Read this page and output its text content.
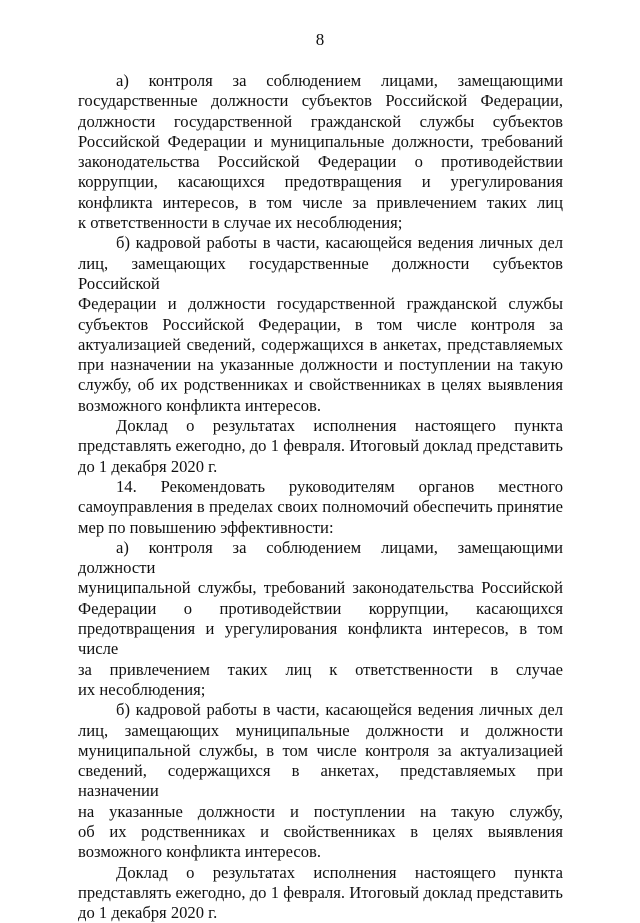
8
а) контроля за соблюдением лицами, замещающими
государственные должности субъектов Российской Федерации,
должности государственной гражданской службы субъектов
Российской Федерации и муниципальные должности, требований
законодательства Российской Федерации о противодействии
коррупции, касающихся предотвращения и урегулирования
конфликта интересов, в том числе за привлечением таких лиц
к ответственности в случае их несоблюдения;
б) кадровой работы в части, касающейся ведения личных дел
лиц, замещающих государственные должности субъектов Российской
Федерации и должности государственной гражданской службы
субъектов Российской Федерации, в том числе контроля за
актуализацией сведений, содержащихся в анкетах, представляемых
при назначении на указанные должности и поступлении на такую
службу, об их родственниках и свойственниках в целях выявления
возможного конфликта интересов.
Доклад о результатах исполнения настоящего пункта
представлять ежегодно, до 1 февраля. Итоговый доклад представить
до 1 декабря 2020 г.
14. Рекомендовать руководителям органов местного
самоуправления в пределах своих полномочий обеспечить принятие
мер по повышению эффективности:
а) контроля за соблюдением лицами, замещающими должности
муниципальной службы, требований законодательства Российской
Федерации о противодействии коррупции, касающихся
предотвращения и урегулирования конфликта интересов, в том числе
за привлечением таких лиц к ответственности в случае
их несоблюдения;
б) кадровой работы в части, касающейся ведения личных дел
лиц, замещающих муниципальные должности и должности
муниципальной службы, в том числе контроля за актуализацией
сведений, содержащихся в анкетах, представляемых при назначении
на указанные должности и поступлении на такую службу,
об их родственниках и свойственниках в целях выявления
возможного конфликта интересов.
Доклад о результатах исполнения настоящего пункта
представлять ежегодно, до 1 февраля. Итоговый доклад представить
до 1 декабря 2020 г.
